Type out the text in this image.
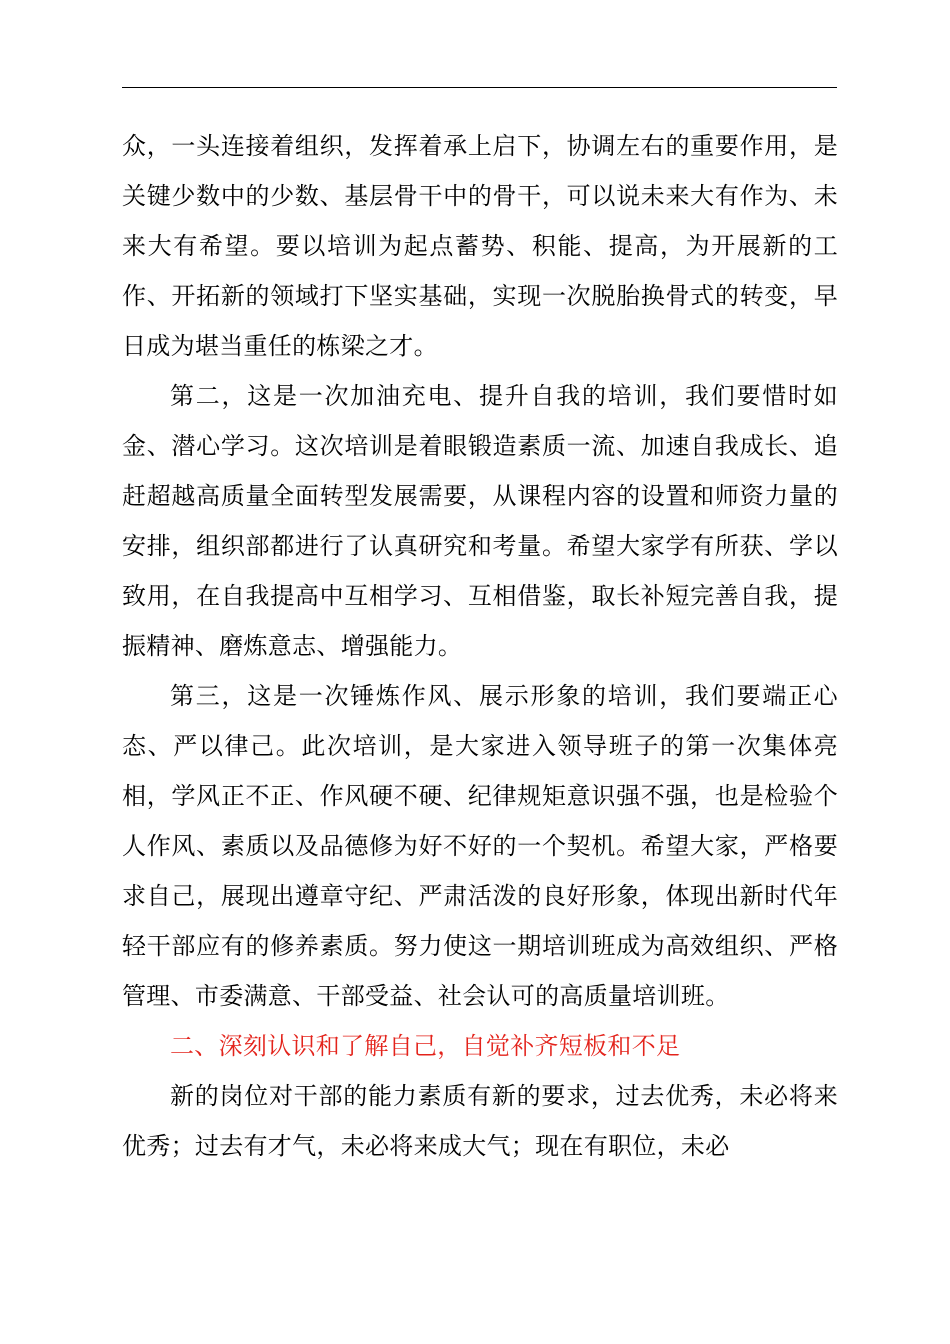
众，一头连接着组织，发挥着承上启下，协调左右的重要作用，是关键少数中的少数、基层骨干中的骨干，可以说未来大有作为、未来大有希望。要以培训为起点蓄势、积能、提高，为开展新的工作、开拓新的领域打下坚实基础，实现一次脱胎换骨式的转变，早日成为堪当重任的栋梁之才。

第二，这是一次加油充电、提升自我的培训，我们要惜时如金、潜心学习。这次培训是着眼锻造素质一流、加速自我成长、追赶超越高质量全面转型发展需要，从课程内容的设置和师资力量的安排，组织部都进行了认真研究和考量。希望大家学有所获、学以致用，在自我提高中互相学习、互相借鉴，取长补短完善自我，提振精神、磨炼意志、增强能力。

第三，这是一次锤炼作风、展示形象的培训，我们要端正心态、严以律己。此次培训，是大家进入领导班子的第一次集体亮相，学风正不正、作风硬不硬、纪律规矩意识强不强，也是检验个人作风、素质以及品德修为好不好的一个契机。希望大家，严格要求自己，展现出遵章守纪、严肃活泼的良好形象，体现出新时代年轻干部应有的修养素质。努力使这一期培训班成为高效组织、严格管理、市委满意、干部受益、社会认可的高质量培训班。

二、深刻认识和了解自己，自觉补齐短板和不足

新的岗位对干部的能力素质有新的要求，过去优秀，未必将来优秀；过去有才气，未必将来成大气；现在有职位，未必
